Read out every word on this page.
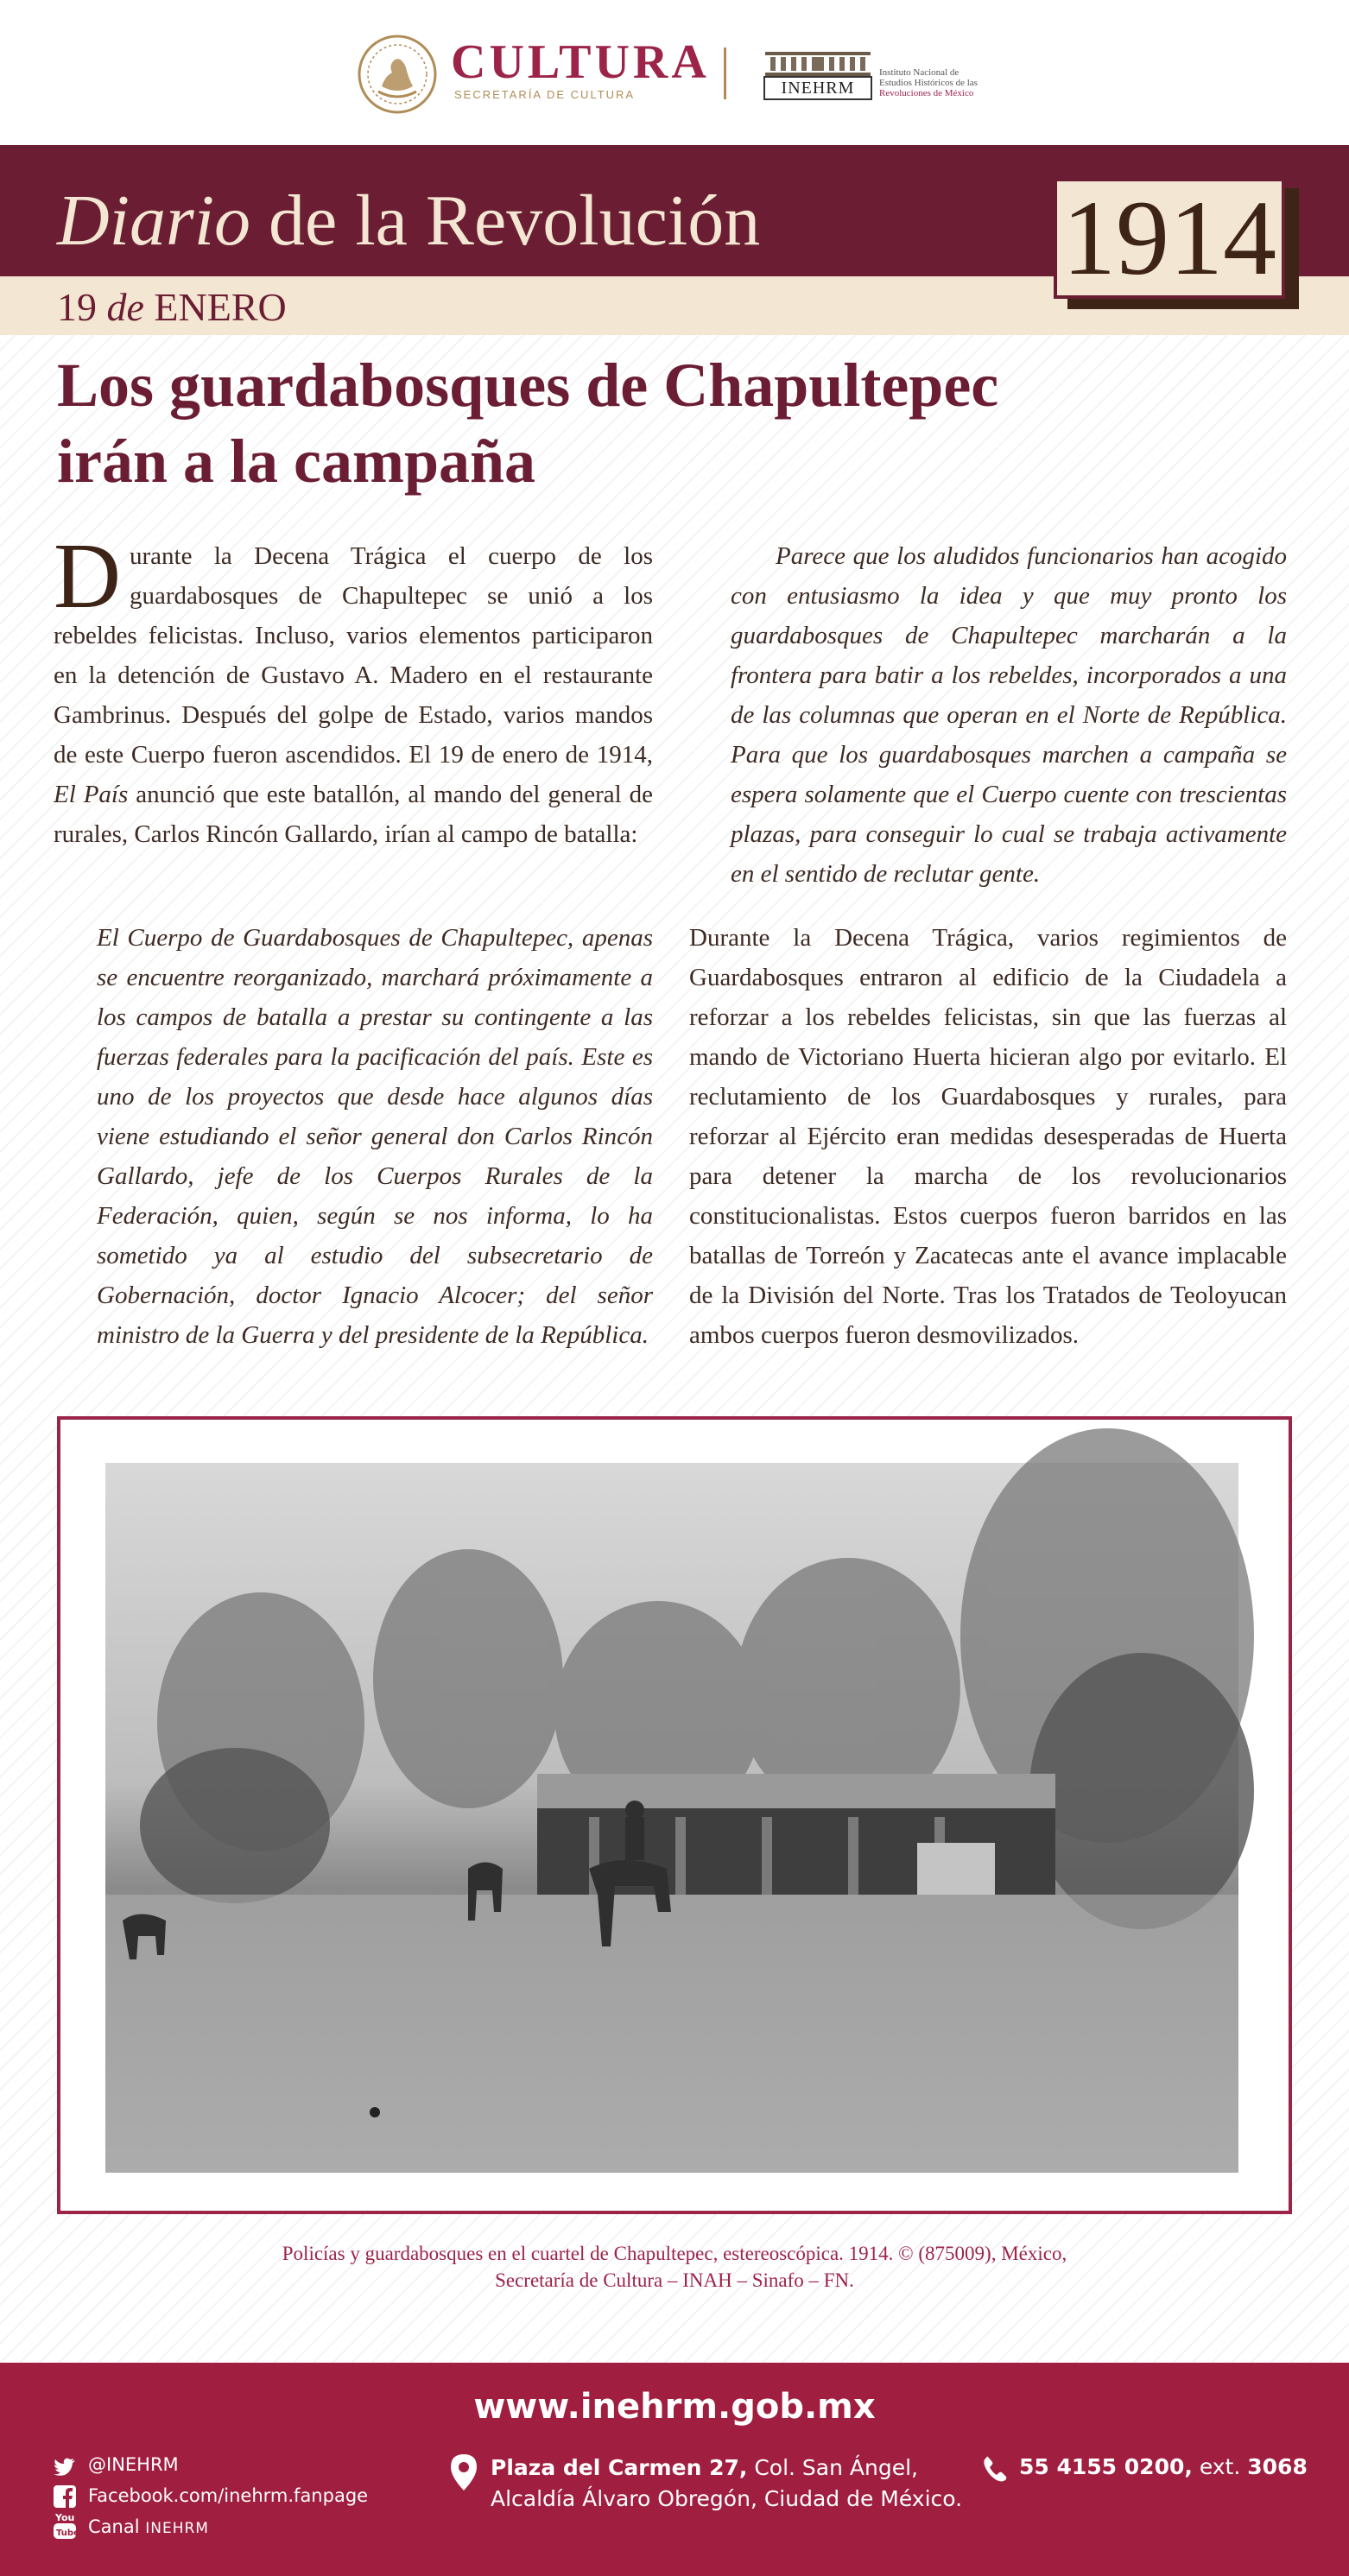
CULTURA
SECRETARÍA DE CULTURA	INEHRM
Instituto Nacional de
Estudios Históricos de las
Revoluciones de México
Diario de la Revolución
19 de ENERO
1914
Los guardabosques de Chapultepec
irán a la campaña
Durante la Decena Trágica el cuerpo de los guardabosques de Chapultepec se unió a los rebeldes felicistas. Incluso, varios elementos participaron en la detención de Gustavo A. Madero en el restaurante Gambrinus. Después del golpe de Estado, varios mandos de este Cuerpo fueron ascendidos. El 19 de enero de 1914, El País anunció que este batallón, al mando del general de rurales, Carlos Rincón Gallardo, irían al campo de batalla:
El Cuerpo de Guardabosques de Chapultepec, apenas se encuentre reorganizado, marchará próximamente a los campos de batalla a prestar su contingente a las fuerzas federales para la pacificación del país. Este es uno de los proyectos que desde hace algunos días viene estudiando el señor general don Carlos Rincón Gallardo, jefe de los Cuerpos Rurales de la Federación, quien, según se nos informa, lo ha sometido ya al estudio del subsecretario de Gobernación, doctor Ignacio Alcocer; del señor ministro de la Guerra y del presidente de la República.
Parece que los aludidos funcionarios han acogido con entusiasmo la idea y que muy pronto los guardabosques de Chapultepec marcharán a la frontera para batir a los rebeldes, incorporados a una de las columnas que operan en el Norte de República. Para que los guardabosques marchen a campaña se espera solamente que el Cuerpo cuente con trescientas plazas, para conseguir lo cual se trabaja activamente en el sentido de reclutar gente.
Durante la Decena Trágica, varios regimientos de Guardabosques entraron al edificio de la Ciudadela a reforzar a los rebeldes felicistas, sin que las fuerzas al mando de Victoriano Huerta hicieran algo por evitarlo. El reclutamiento de los Guardabosques y rurales, para reforzar al Ejército eran medidas desesperadas de Huerta para detener la marcha de los revolucionarios constitucionalistas. Estos cuerpos fueron barridos en las batallas de Torreón y Zacatecas ante el avance implacable de la División del Norte. Tras los Tratados de Teoloyucan ambos cuerpos fueron desmovilizados.
Policías y guardabosques en el cuartel de Chapultepec, estereoscópica. 1914. © (875009), México,
Secretaría de Cultura – INAH – Sinafo – FN.
www.inehrm.gob.mx
@INEHRM
Facebook.com/inehrm.fanpage
You
Tube Canal INEHRM
Plaza del Carmen 27, Col. San Ángel,
Alcaldía Álvaro Obregón, Ciudad de México.
55 4155 0200, ext. 3068
